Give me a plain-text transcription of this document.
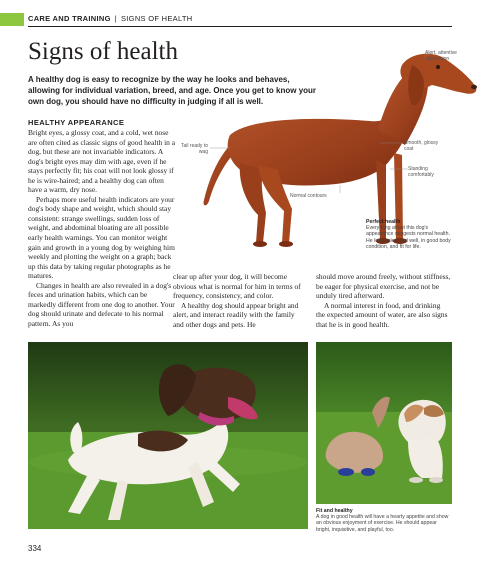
CARE AND TRAINING | SIGNS OF HEALTH
Signs of health
A healthy dog is easy to recognize by the way he looks and behaves, allowing for individual variation, breed, and age. Once you get to know your own dog, you should have no difficulty in judging if all is well.
HEALTHY APPEARANCE

Bright eyes, a glossy coat, and a cold, wet nose are often cited as classic signs of good health in a dog, but these are not invariable indicators. A dog's bright eyes may dim with age, even if he stays perfectly fit; his coat will not look glossy if he is wire-haired; and a healthy dog can often have a warm, dry nose.

Perhaps more useful health indicators are your dog's body shape and weight, which should stay consistent: strange swellings, sudden loss of weight, and abdominal bloating are all possible early health warnings. You can monitor weight gain and growth in a young dog by weighing him weekly and plotting the weight on a graph; back up this data by taking regular photographs as he matures.

Changes in health are also revealed in a dog's feces and urination habits, which can be markedly different from one dog to another. Your dog should urinate and defecate to his normal pattern. As you

Alert, attentive expression
Tail ready to wag
Smooth, glossy coat
Standing comfortably
Normal contours
Perfect health
Everything about this dog's appearance suggests normal health. He looks alert and well, in good body condition, and fit for life.

clear up after your dog, it will become obvious what is normal for him in terms of frequency, consistency, and color.

A healthy dog should appear bright and alert, and interact readily with the family and other dogs and pets. He

should move around freely, without stiffness, be eager for physical exercise, and not be unduly tired afterward.

A normal interest in food, and drinking the expected amount of water, are also signs that he is in good health.

Fit and healthy
A dog in good health will have a hearty appetite and show an obvious enjoyment of exercise. He should appear bright, inquisitive, and playful, too.
334
